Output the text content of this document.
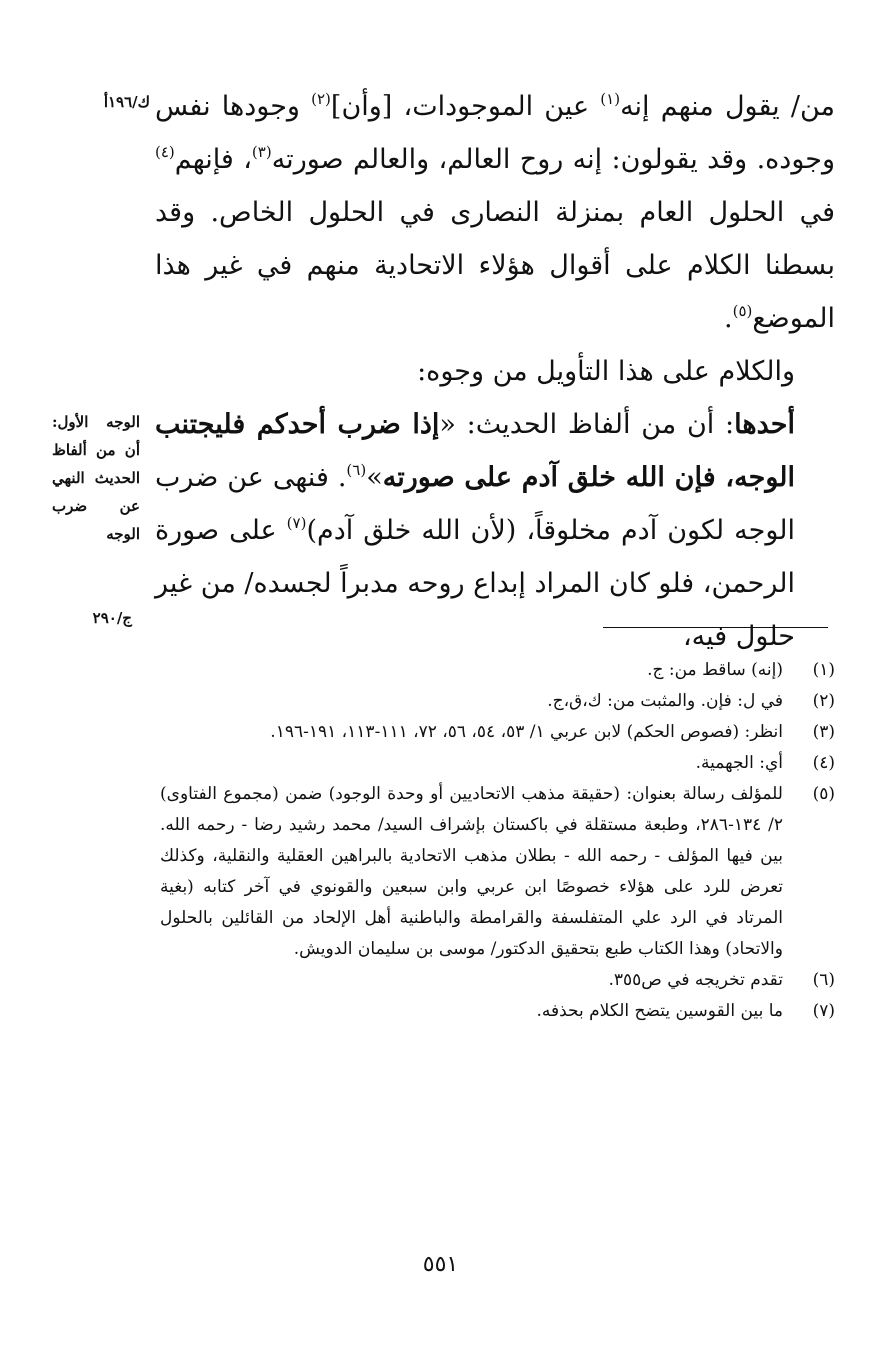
من/ يقول منهم إنه$^{(١)}$ عين الموجودات، [وأن]$^{(٢)}$ وجودها نفس وجوده. وقد يقولون: إنه روح العالم، والعالم صورته$^{(٣)}$، فإنهم$^{(٤)}$ في الحلول العام بمنزلة النصارى في الحلول الخاص. وقد بسطنا الكلام على أقوال هؤلاء الاتحادية منهم في غير هذا الموضع$^{(٥)}$.

والكلام على هذا التأويل من وجوه:

أحدها: أن من ألفاظ الحديث: «إذا ضرب أحدكم فليجتنب الوجه، فإن الله خلق آدم على صورته»$^{(٦)}$. فنهى عن ضرب الوجه لكون آدم مخلوقاً، (لأن الله خلق آدم)$^{(٧)}$ على صورة الرحمن، فلو كان المراد إبداع روحه مدبراً لجسده/ من غير حلول فيه،

ك/١٩٦أ
الوجه الأول: أن من ألفاظ الحديث النهي عن ضرب الوجه
ج/٢٩٠
(١)
(إنه) ساقط من: ج.
(٢)
في ل: فإن. والمثبت من: ك،ق،ج.
(٣)
انظر: (فصوص الحكم) لابن عربي ١/ ٥٣، ٥٤، ٥٦، ٧٢، ١١١-١١٣، ١٩١-١٩٦.
(٤)
أي: الجهمية.
(٥)
للمؤلف رسالة بعنوان: (حقيقة مذهب الاتحاديين أو وحدة الوجود) ضمن (مجموع الفتاوى) ٢/ ١٣٤-٢٨٦، وطبعة مستقلة في باكستان بإشراف السيد/ محمد رشيد رضا - رحمه الله. بين فيها المؤلف - رحمه الله - بطلان مذهب الاتحادية بالبراهين العقلية والنقلية، وكذلك تعرض للرد على هؤلاء خصوصًا ابن عربي وابن سبعين والقونوي في آخر كتابه (بغية المرتاد في الرد علي المتفلسفة والقرامطة والباطنية أهل الإلحاد من القائلين بالحلول والاتحاد) وهذا الكتاب طبع بتحقيق الدكتور/ موسى بن سليمان الدويش.
(٦)
تقدم تخريجه في ص٣٥٥.
(٧)
ما بين القوسين يتضح الكلام بحذفه.
٥٥١
